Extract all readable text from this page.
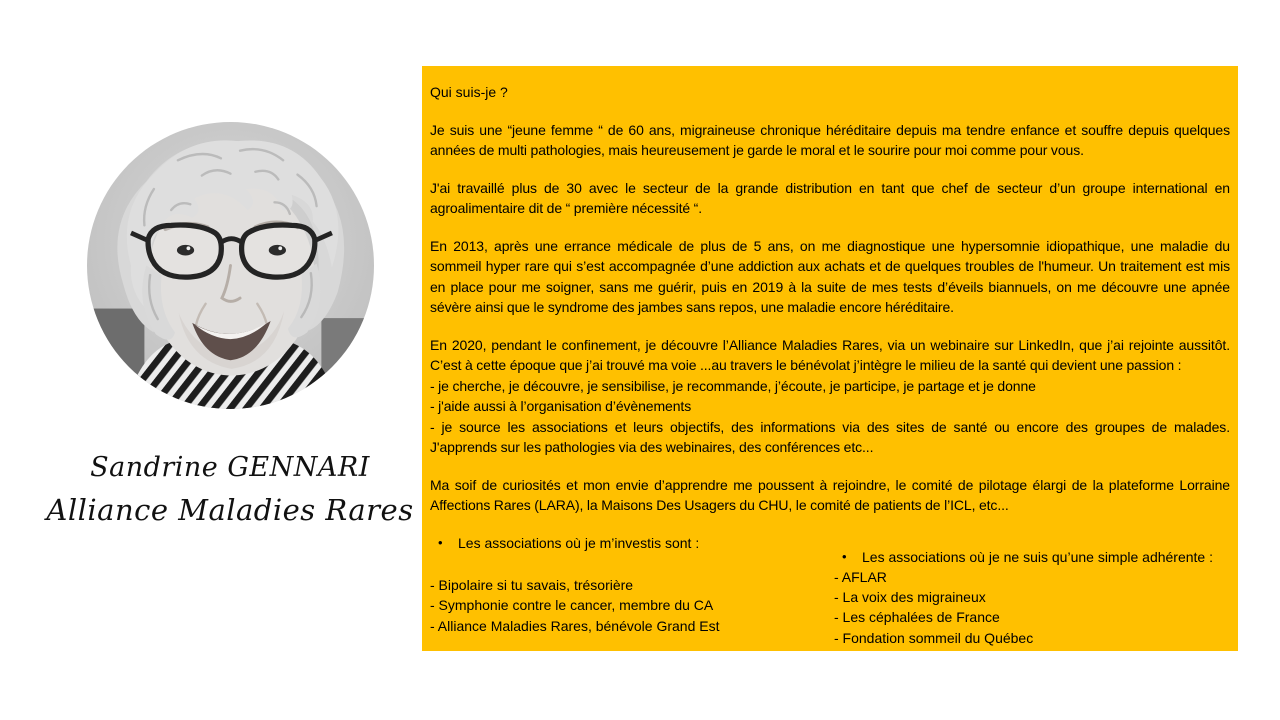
Sandrine GENNARI
Alliance Maladies Rares
Qui suis-je ?

Je suis une “jeune femme “ de 60 ans, migraineuse chronique héréditaire depuis ma tendre enfance et souffre depuis quelques années de multi pathologies, mais heureusement je garde le moral et le sourire pour moi comme pour vous.

J'ai travaillé plus de 30 avec le secteur de la grande distribution en tant que chef de secteur d’un groupe international en agroalimentaire dit de “ première nécessité “.

En 2013, après une errance médicale de plus de 5 ans, on me diagnostique une hypersomnie idiopathique, une maladie du sommeil hyper rare qui s’est accompagnée d’une addiction aux achats et de quelques troubles de l'humeur. Un traitement est mis en place pour me soigner, sans me guérir, puis en 2019 à la suite de mes tests d’éveils biannuels, on me découvre une apnée sévère ainsi que le syndrome des jambes sans repos, une maladie encore héréditaire.

En 2020, pendant le confinement, je découvre l’Alliance Maladies Rares, via un webinaire sur LinkedIn, que j’ai rejointe aussitôt. C’est à cette époque que j’ai trouvé ma voie ...au travers le bénévolat j’intègre le milieu de la santé qui devient une passion :

- je cherche, je découvre, je sensibilise, je recommande, j’écoute, je participe, je partage et je donne
- j'aide aussi à l’organisation d’évènements
- je source les associations et leurs objectifs, des informations via des sites de santé ou encore des groupes de malades. J'apprends sur les pathologies via des webinaires, des conférences etc...

Ma soif de curiosités et mon envie d’apprendre me poussent à rejoindre, le comité de pilotage élargi de la plateforme Lorraine Affections Rares (LARA), la Maisons Des Usagers du CHU, le comité de patients de l’ICL, etc...

•	Les associations où je m’investis sont :
- Bipolaire si tu savais, trésorière
- Symphonie contre le cancer, membre du CA
- Alliance Maladies Rares, bénévole Grand Est
•	Les associations où je ne suis qu’une simple adhérente :
- AFLAR
- La voix des migraineux
- Les céphalées de France
- Fondation sommeil du Québec
